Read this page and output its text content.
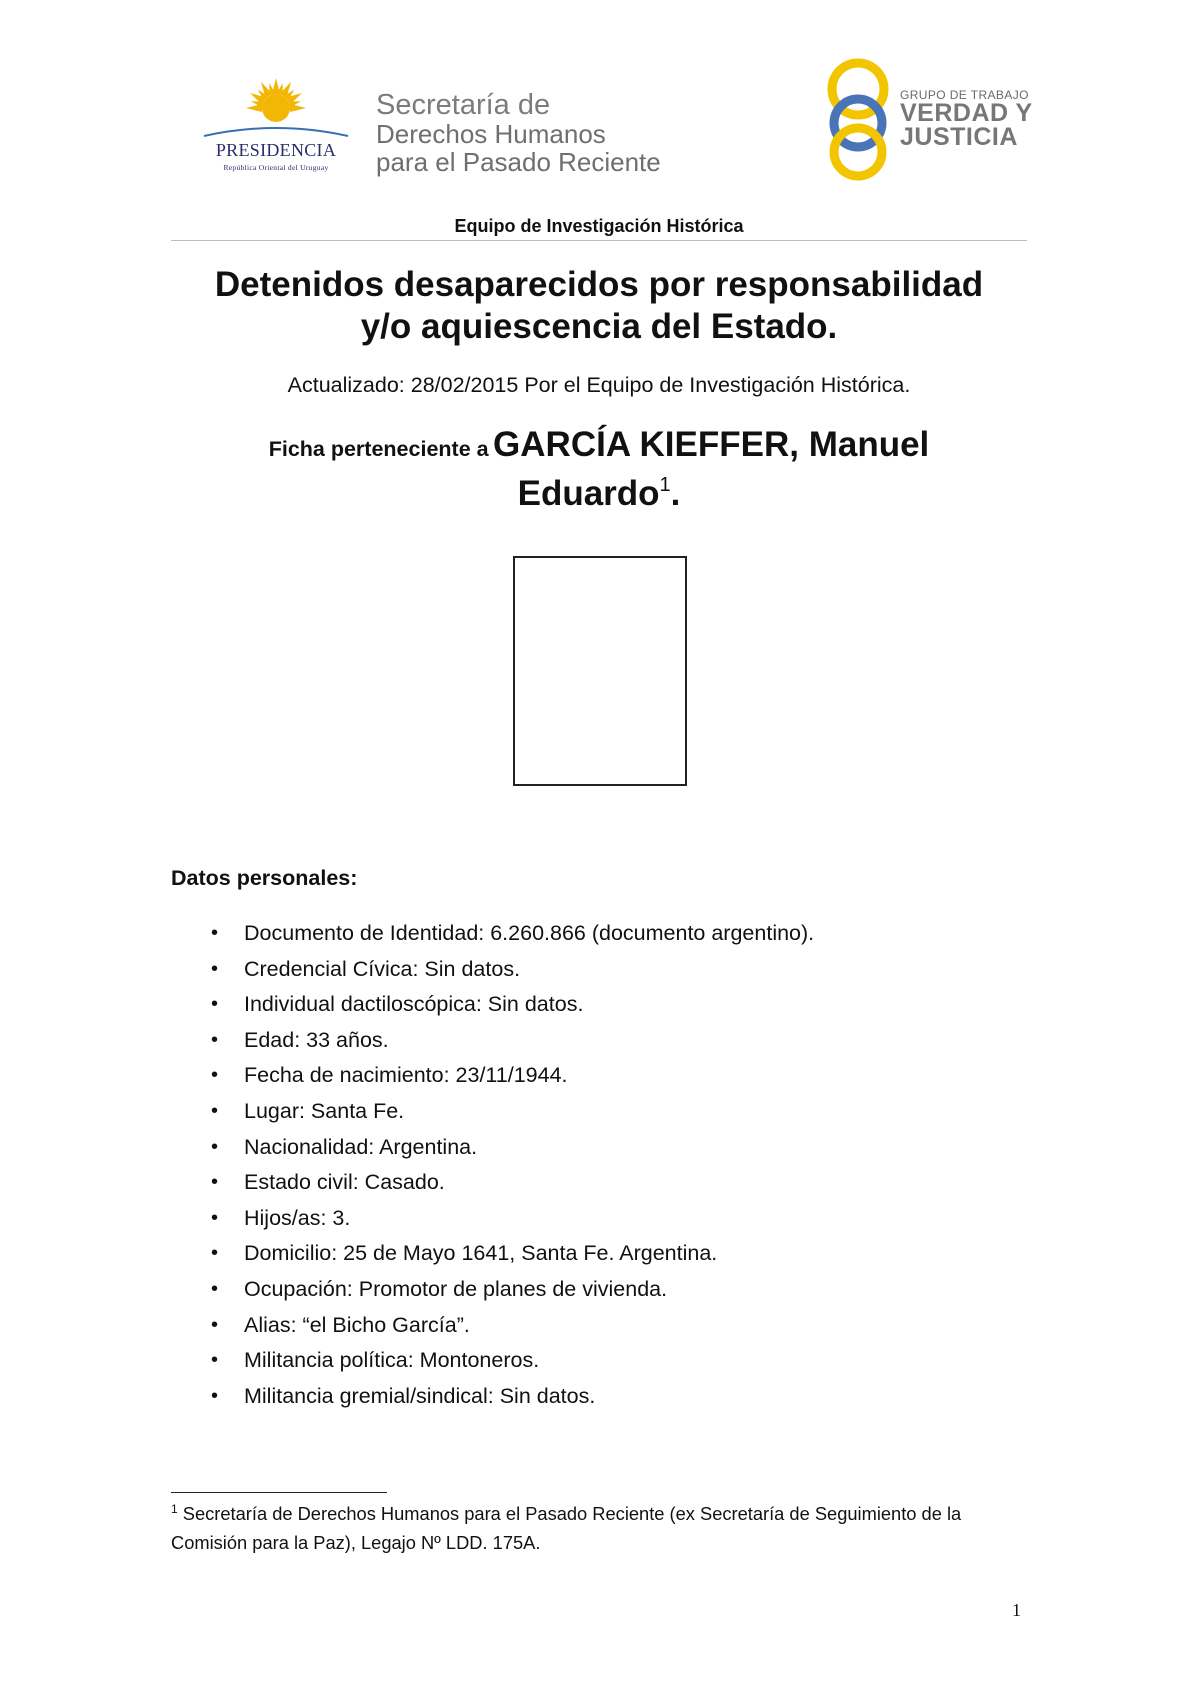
PRESIDENCIA
República Oriental del Uruguay
Secretaría de
Derechos Humanos
para el Pasado Reciente
GRUPO DE TRABAJO
VERDAD Y
JUSTICIA
Equipo de Investigación Histórica
Detenidos desaparecidos por responsabilidad
y/o aquiescencia del Estado.
Actualizado: 28/02/2015 Por el Equipo de Investigación Histórica.
Ficha perteneciente a GARCÍA KIEFFER, Manuel
Eduardo$^1$.
Datos personales:
• Documento de Identidad: 6.260.866 (documento argentino).
• Credencial Cívica: Sin datos.
• Individual dactiloscópica: Sin datos.
• Edad: 33 años.
• Fecha de nacimiento: 23/11/1944.
• Lugar: Santa Fe.
• Nacionalidad: Argentina.
• Estado civil: Casado.
• Hijos/as: 3.
• Domicilio: 25 de Mayo 1641, Santa Fe. Argentina.
• Ocupación: Promotor de planes de vivienda.
• Alias: “el Bicho García”.
• Militancia política: Montoneros.
• Militancia gremial/sindical: Sin datos.
$^1$ Secretaría de Derechos Humanos para el Pasado Reciente (ex Secretaría de Seguimiento de la Comisión para la Paz), Legajo Nº LDD. 175A.
1
